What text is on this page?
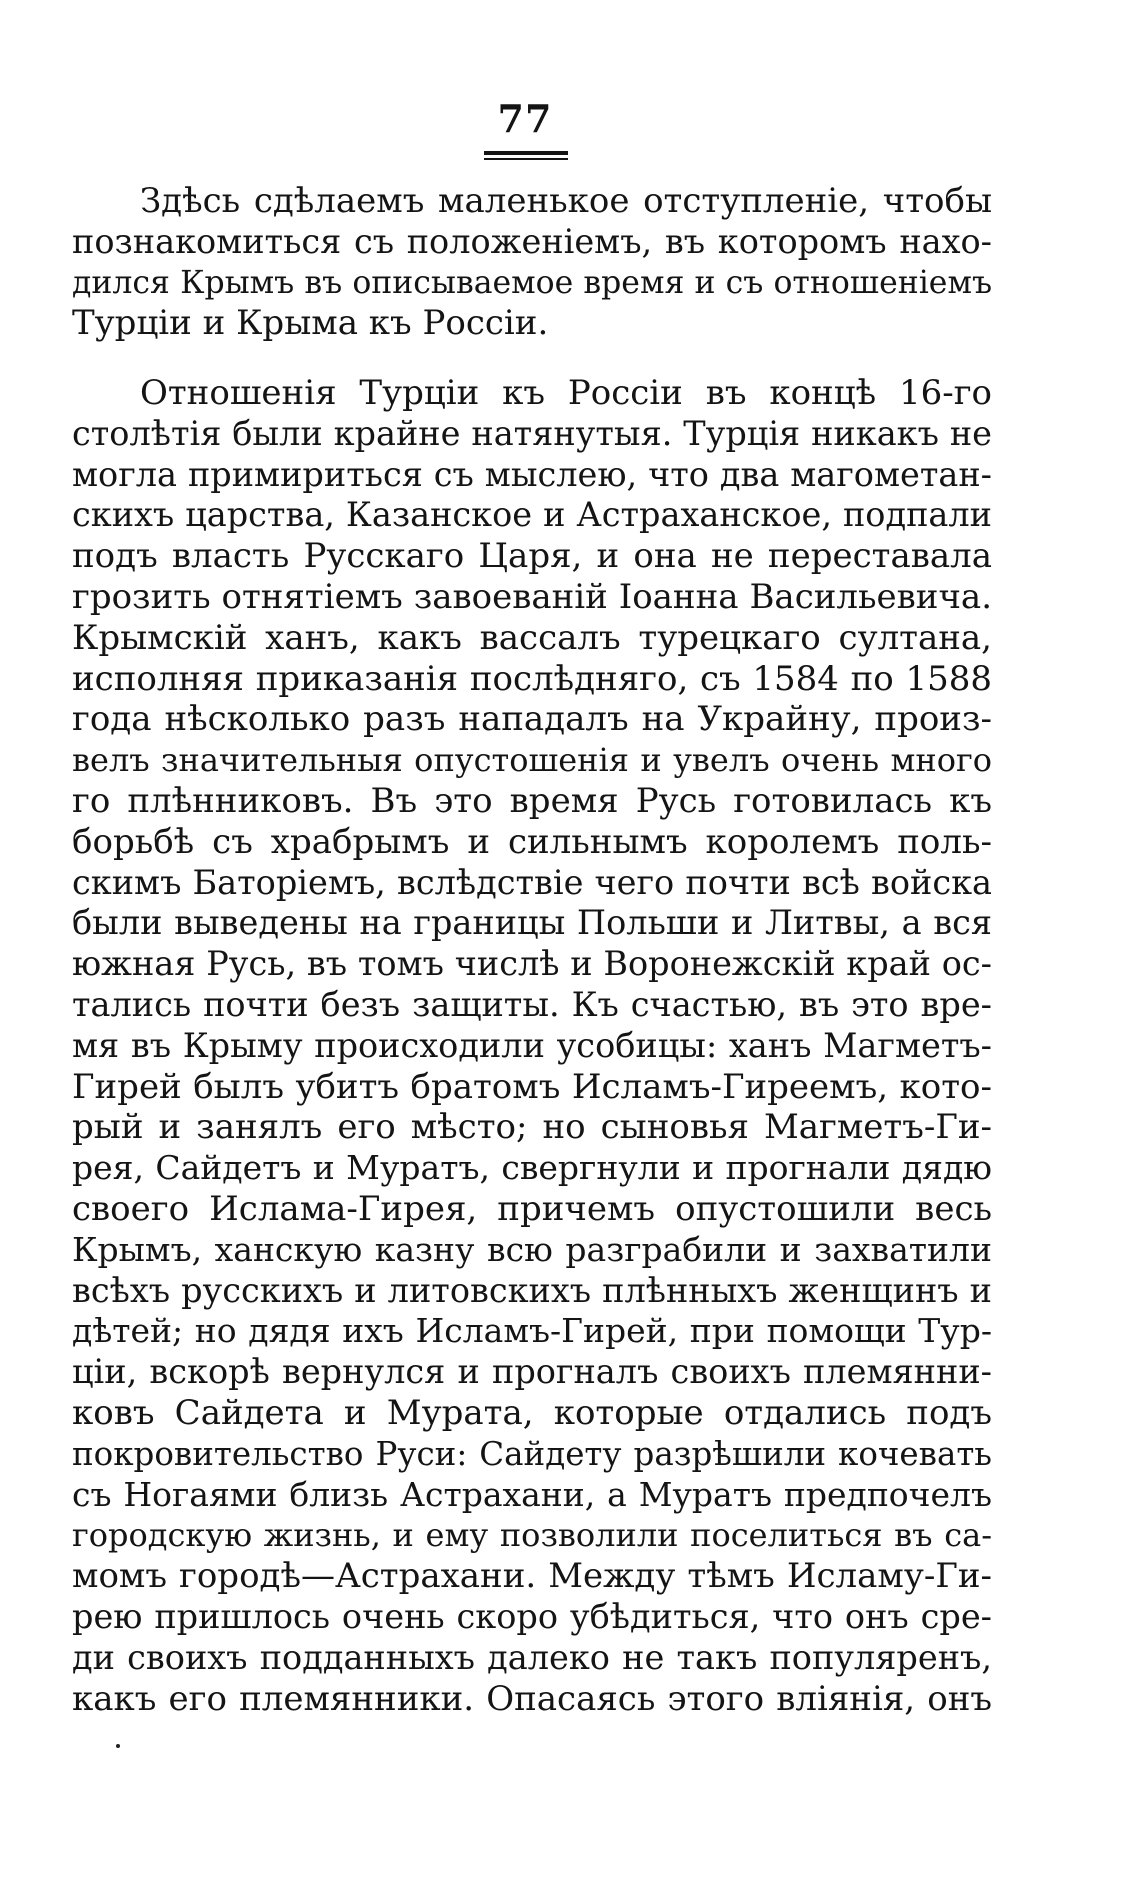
77
Здѣсь сдѣлаемъ маленькое отступленіе, чтобы
познакомиться съ положеніемъ, въ которомъ нахо-
дился Крымъ въ описываемое время и съ отношеніемъ
Турціи и Крыма къ Россіи.
Отношенія Турціи къ Россіи въ концѣ 16-го
столѣтія были крайне натянутыя. Турція никакъ не
могла примириться съ мыслею, что два магометан-
скихъ царства, Казанское и Астраханское, подпали
подъ власть Русскаго Царя, и она не переставала
грозить отнятіемъ завоеваній Іоанна Васильевича.
Крымскій ханъ, какъ вассалъ турецкаго султана,
исполняя приказанія послѣдняго, съ 1584 по 1588
года нѣсколько разъ нападалъ на Украйну, произ-
велъ значительныя опустошенія и увелъ очень много
го плѣнниковъ. Въ это время Русь готовилась къ
борьбѣ съ храбрымъ и сильнымъ королемъ поль-
скимъ Баторіемъ, вслѣдствіе чего почти всѣ войска
были выведены на границы Польши и Литвы, а вся
южная Русь, въ томъ числѣ и Воронежскій край ос-
тались почти безъ защиты. Къ счастью, въ это вре-
мя въ Крыму происходили усобицы: ханъ Магметъ-
Гирей былъ убитъ братомъ Исламъ-Гиреемъ, кото-
рый и занялъ его мѣсто; но сыновья Магметъ-Ги-
рея, Сайдетъ и Муратъ, свергнули и прогнали дядю
своего Ислама-Гирея, причемъ опустошили весь
Крымъ, ханскую казну всю разграбили и захватили
всѣхъ русскихъ и литовскихъ плѣнныхъ женщинъ и
дѣтей; но дядя ихъ Исламъ-Гирей, при помощи Тур-
ціи, вскорѣ вернулся и прогналъ своихъ племянни-
ковъ Сайдета и Мурата, которые отдались подъ
покровительство Руси: Сайдету разрѣшили кочевать
съ Ногаями близь Астрахани, а Муратъ предпочелъ
городскую жизнь, и ему позволили поселиться въ са-
момъ городѣ—Астрахани. Между тѣмъ Исламу-Ги-
рею пришлось очень скоро убѣдиться, что онъ сре-
ди своихъ подданныхъ далеко не такъ популяренъ,
какъ его племянники. Опасаясь этого вліянія, онъ
